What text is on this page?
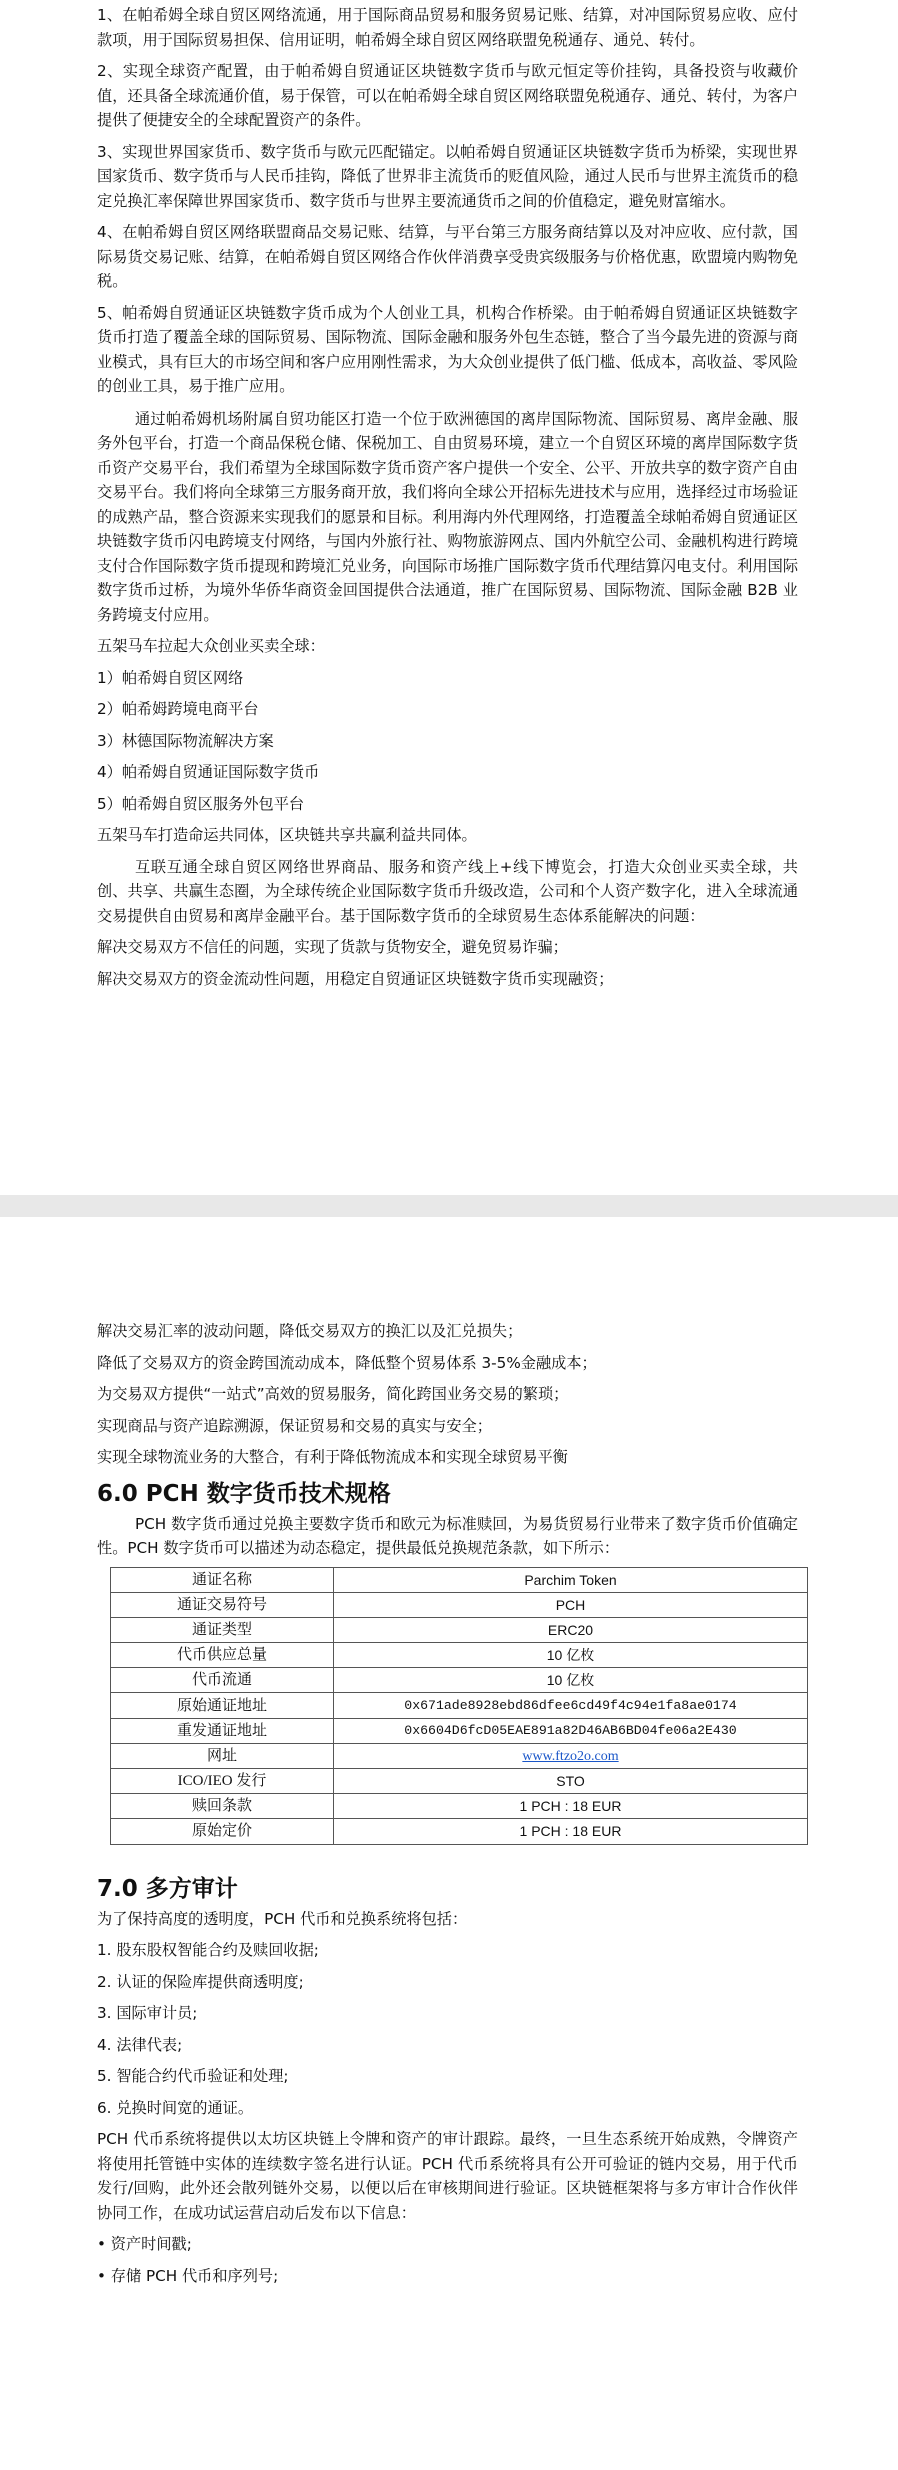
1、在帕希姆全球自贸区网络流通，用于国际商品贸易和服务贸易记账、结算，对冲国际贸易应收、应付款项，用于国际贸易担保、信用证明，帕希姆全球自贸区网络联盟免税通存、通兑、转付。

2、实现全球资产配置，由于帕希姆自贸通证区块链数字货币与欧元恒定等价挂钩，具备投资与收藏价值，还具备全球流通价值，易于保管，可以在帕希姆全球自贸区网络联盟免税通存、通兑、转付，为客户提供了便捷安全的全球配置资产的条件。

3、实现世界国家货币、数字货币与欧元匹配锚定。以帕希姆自贸通证区块链数字货币为桥梁，实现世界国家货币、数字货币与人民币挂钩，降低了世界非主流货币的贬值风险，通过人民币与世界主流货币的稳定兑换汇率保障世界国家货币、数字货币与世界主要流通货币之间的价值稳定，避免财富缩水。

4、在帕希姆自贸区网络联盟商品交易记账、结算，与平台第三方服务商结算以及对冲应收、应付款，国际易货交易记账、结算，在帕希姆自贸区网络合作伙伴消费享受贵宾级服务与价格优惠，欧盟境内购物免税。

5、帕希姆自贸通证区块链数字货币成为个人创业工具，机构合作桥梁。由于帕希姆自贸通证区块链数字货币打造了覆盖全球的国际贸易、国际物流、国际金融和服务外包生态链，整合了当今最先进的资源与商业模式，具有巨大的市场空间和客户应用刚性需求，为大众创业提供了低门槛、低成本，高收益、零风险的创业工具，易于推广应用。

通过帕希姆机场附属自贸功能区打造一个位于欧洲德国的离岸国际物流、国际贸易、离岸金融、服务外包平台，打造一个商品保税仓储、保税加工、自由贸易环境，建立一个自贸区环境的离岸国际数字货币资产交易平台，我们希望为全球国际数字货币资产客户提供一个安全、公平、开放共享的数字资产自由交易平台。我们将向全球第三方服务商开放，我们将向全球公开招标先进技术与应用，选择经过市场验证的成熟产品，整合资源来实现我们的愿景和目标。利用海内外代理网络，打造覆盖全球帕希姆自贸通证区块链数字货币闪电跨境支付网络，与国内外旅行社、购物旅游网点、国内外航空公司、金融机构进行跨境支付合作国际数字货币提现和跨境汇兑业务，向国际市场推广国际数字货币代理结算闪电支付。利用国际数字货币过桥，为境外华侨华商资金回国提供合法通道，推广在国际贸易、国际物流、国际金融 B2B 业务跨境支付应用。

五架马车拉起大众创业买卖全球：

1）帕希姆自贸区网络

2）帕希姆跨境电商平台

3）林德国际物流解决方案

4）帕希姆自贸通证国际数字货币

5）帕希姆自贸区服务外包平台

五架马车打造命运共同体，区块链共享共赢利益共同体。

互联互通全球自贸区网络世界商品、服务和资产线上+线下博览会，打造大众创业买卖全球，共创、共享、共赢生态圈，为全球传统企业国际数字货币升级改造，公司和个人资产数字化，进入全球流通交易提供自由贸易和离岸金融平台。基于国际数字货币的全球贸易生态体系能解决的问题：

解决交易双方不信任的问题，实现了货款与货物安全，避免贸易诈骗；

解决交易双方的资金流动性问题，用稳定自贸通证区块链数字货币实现融资；

解决交易汇率的波动问题，降低交易双方的换汇以及汇兑损失；

降低了交易双方的资金跨国流动成本，降低整个贸易体系 3-5%金融成本；

为交易双方提供“一站式”高效的贸易服务，简化跨国业务交易的繁琐；

实现商品与资产追踪溯源，保证贸易和交易的真实与安全；

实现全球物流业务的大整合，有利于降低物流成本和实现全球贸易平衡

6.0 PCH 数字货币技术规格

PCH 数字货币通过兑换主要数字货币和欧元为标准赎回，为易货贸易行业带来了数字货币价值确定性。PCH 数字货币可以描述为动态稳定，提供最低兑换规范条款，如下所示：

通证名称	Parchim Token
通证交易符号	PCH
通证类型	ERC20
代币供应总量	10 亿枚
代币流通	10 亿枚
原始通证地址	0x671ade8928ebd86dfee6cd49f4c94e1fa8ae0174
重发通证地址	0x6604D6fcD05EAE891a82D46AB6BD04fe06a2E430
网址	www.ftzo2o.com
ICO/IEO 发行	STO
赎回条款	1 PCH : 18 EUR
原始定价	1 PCH : 18 EUR
7.0 多方审计

为了保持高度的透明度，PCH 代币和兑换系统将包括：

1. 股东股权智能合约及赎回收据;

2. 认证的保险库提供商透明度;

3. 国际审计员;

4. 法律代表;

5. 智能合约代币验证和处理;

6. 兑换时间宽的通证。

PCH 代币系统将提供以太坊区块链上令牌和资产的审计跟踪。最终，一旦生态系统开始成熟，令牌资产将使用托管链中实体的连续数字签名进行认证。PCH 代币系统将具有公开可验证的链内交易，用于代币发行/回购，此外还会散列链外交易，以便以后在审核期间进行验证。区块链框架将与多方审计合作伙伴协同工作，在成功试运营启动后发布以下信息：

• 资产时间戳;

• 存储 PCH 代币和序列号;
